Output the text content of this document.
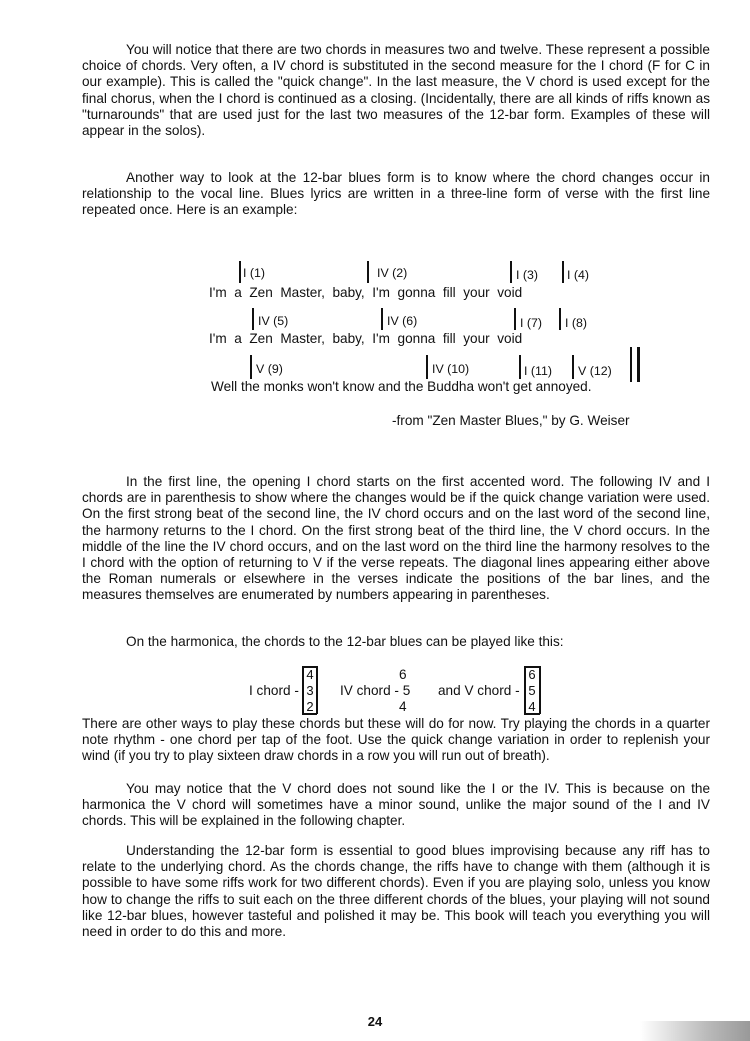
You will notice that there are two chords in measures two and twelve. These represent a possible choice of chords. Very often, a IV chord is substituted in the second measure for the I chord (F for C in our example). This is called the "quick change". In the last measure, the V chord is used except for the final chorus, when the I chord is continued as a closing. (Incidentally, there are all kinds of riffs known as "turnarounds" that are used just for the last two measures of the 12-bar form. Examples of these will appear in the solos).

Another way to look at the 12-bar blues form is to know where the chord changes occur in relationship to the vocal line. Blues lyrics are written in a three-line form of verse with the first line repeated once. Here is an example:

I (1)	IV (2)	I (3) I (4)
I'm  a  Zen  Master,  baby,  I'm  gonna  fill  your  void
IV (5)	IV (6)	I (7) I (8)
I'm  a  Zen  Master,  baby,  I'm  gonna  fill  your  void
V (9)	IV (10)	I (11) V (12)
Well the monks won't know and the Buddha won't get annoyed.
-from "Zen Master Blues," by G. Weiser

In the first line, the opening I chord starts on the first accented word. The following IV and I chords are in parenthesis to show where the changes would be if the quick change variation were used. On the first strong beat of the second line, the IV chord occurs and on the last word of the second line, the harmony returns to the I chord. On the first strong beat of the third line, the V chord occurs. In the middle of the line the IV chord occurs, and on the last word on the third line the harmony resolves to the I chord with the option of returning to V if the verse repeats. The diagonal lines appearing either above the Roman numerals or elsewhere in the verses indicate the positions of the bar lines, and the measures themselves are enumerated by numbers appearing in parentheses.

On the harmonica, the chords to the 12-bar blues can be played like this:

I chord -
4
3
2
6
IV chord - 5
4
and V chord -
6
5
4

There are other ways to play these chords but these will do for now. Try playing the chords in a quarter note rhythm - one chord per tap of the foot. Use the quick change variation in order to replenish your wind (if you try to play sixteen draw chords in a row you will run out of breath).

You may notice that the V chord does not sound like the I or the IV. This is because on the harmonica the V chord will sometimes have a minor sound, unlike the major sound of the I and IV chords. This will be explained in the following chapter.

Understanding the 12-bar form is essential to good blues improvising because any riff has to relate to the underlying chord. As the chords change, the riffs have to change with them (although it is possible to have some riffs work for two different chords). Even if you are playing solo, unless you know how to change the riffs to suit each on the three different chords of the blues, your playing will not sound like 12-bar blues, however tasteful and polished it may be. This book will teach you everything you will need in order to do this and more.

24
